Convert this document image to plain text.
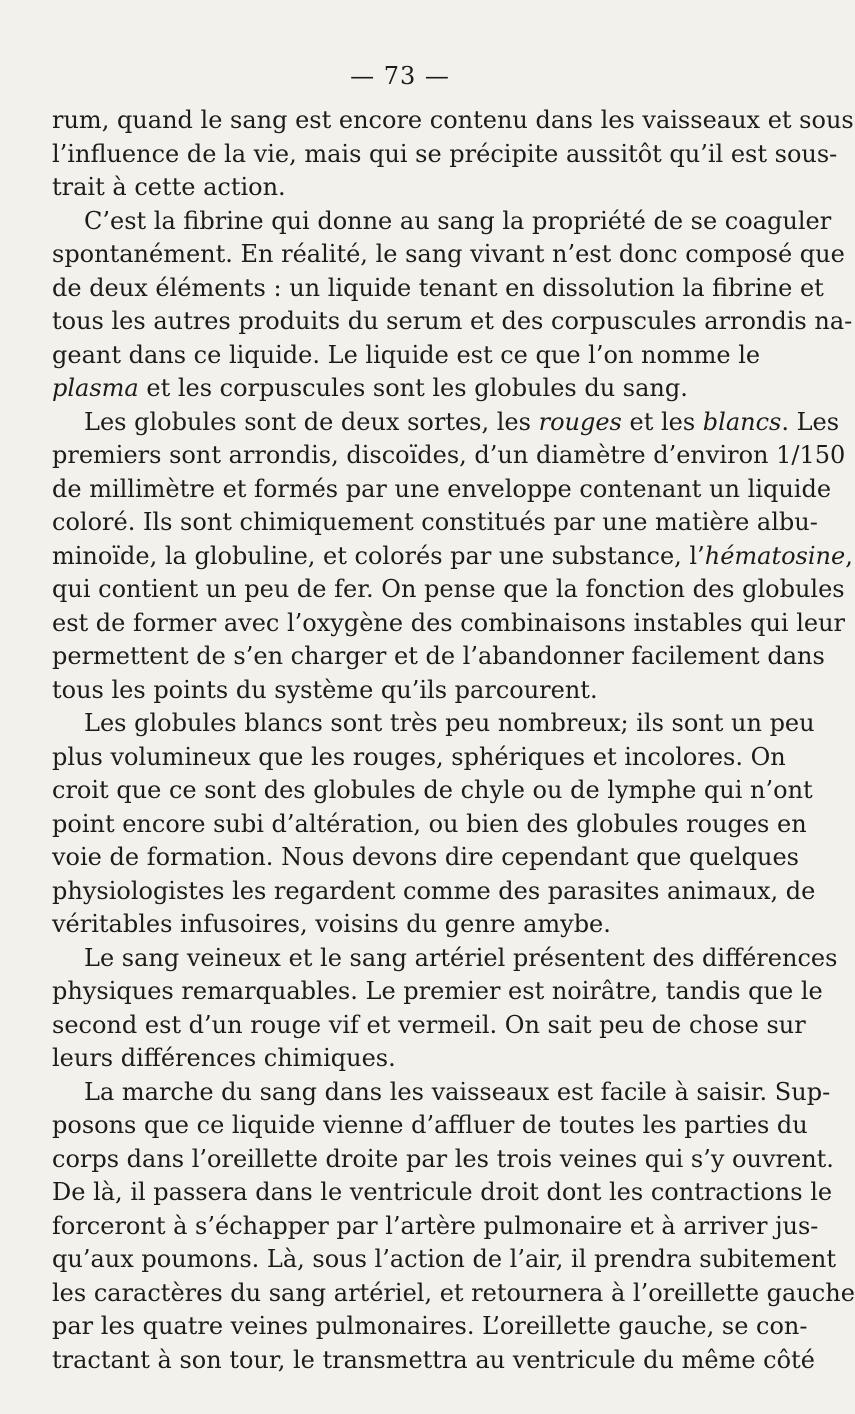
— 73 —

rum, quand le sang est encore contenu dans les vaisseaux et sous
l’influence de la vie, mais qui se précipite aussitôt qu’il est sous-
trait à cette action.

C’est la fibrine qui donne au sang la propriété de se coaguler
spontanément. En réalité, le sang vivant n’est donc composé que
de deux éléments : un liquide tenant en dissolution la fibrine et
tous les autres produits du serum et des corpuscules arrondis na-
geant dans ce liquide. Le liquide est ce que l’on nomme le
plasma et les corpuscules sont les globules du sang.

Les globules sont de deux sortes, les rouges et les blancs. Les
premiers sont arrondis, discoïdes, d’un diamètre d’environ 1/150
de millimètre et formés par une enveloppe contenant un liquide
coloré. Ils sont chimiquement constitués par une matière albu-
minoïde, la globuline, et colorés par une substance, l’hématosine,
qui contient un peu de fer. On pense que la fonction des globules
est de former avec l’oxygène des combinaisons instables qui leur
permettent de s’en charger et de l’abandonner facilement dans
tous les points du système qu’ils parcourent.

Les globules blancs sont très peu nombreux; ils sont un peu
plus volumineux que les rouges, sphériques et incolores. On
croit que ce sont des globules de chyle ou de lymphe qui n’ont
point encore subi d’altération, ou bien des globules rouges en
voie de formation. Nous devons dire cependant que quelques
physiologistes les regardent comme des parasites animaux, de
véritables infusoires, voisins du genre amybe.

Le sang veineux et le sang artériel présentent des différences
physiques remarquables. Le premier est noirâtre, tandis que le
second est d’un rouge vif et vermeil. On sait peu de chose sur
leurs différences chimiques.

La marche du sang dans les vaisseaux est facile à saisir. Sup-
posons que ce liquide vienne d’affluer de toutes les parties du
corps dans l’oreillette droite par les trois veines qui s’y ouvrent.
De là, il passera dans le ventricule droit dont les contractions le
forceront à s’échapper par l’artère pulmonaire et à arriver jus-
qu’aux poumons. Là, sous l’action de l’air, il prendra subitement
les caractères du sang artériel, et retournera à l’oreillette gauche
par les quatre veines pulmonaires. L’oreillette gauche, se con-
tractant à son tour, le transmettra au ventricule du même côté
